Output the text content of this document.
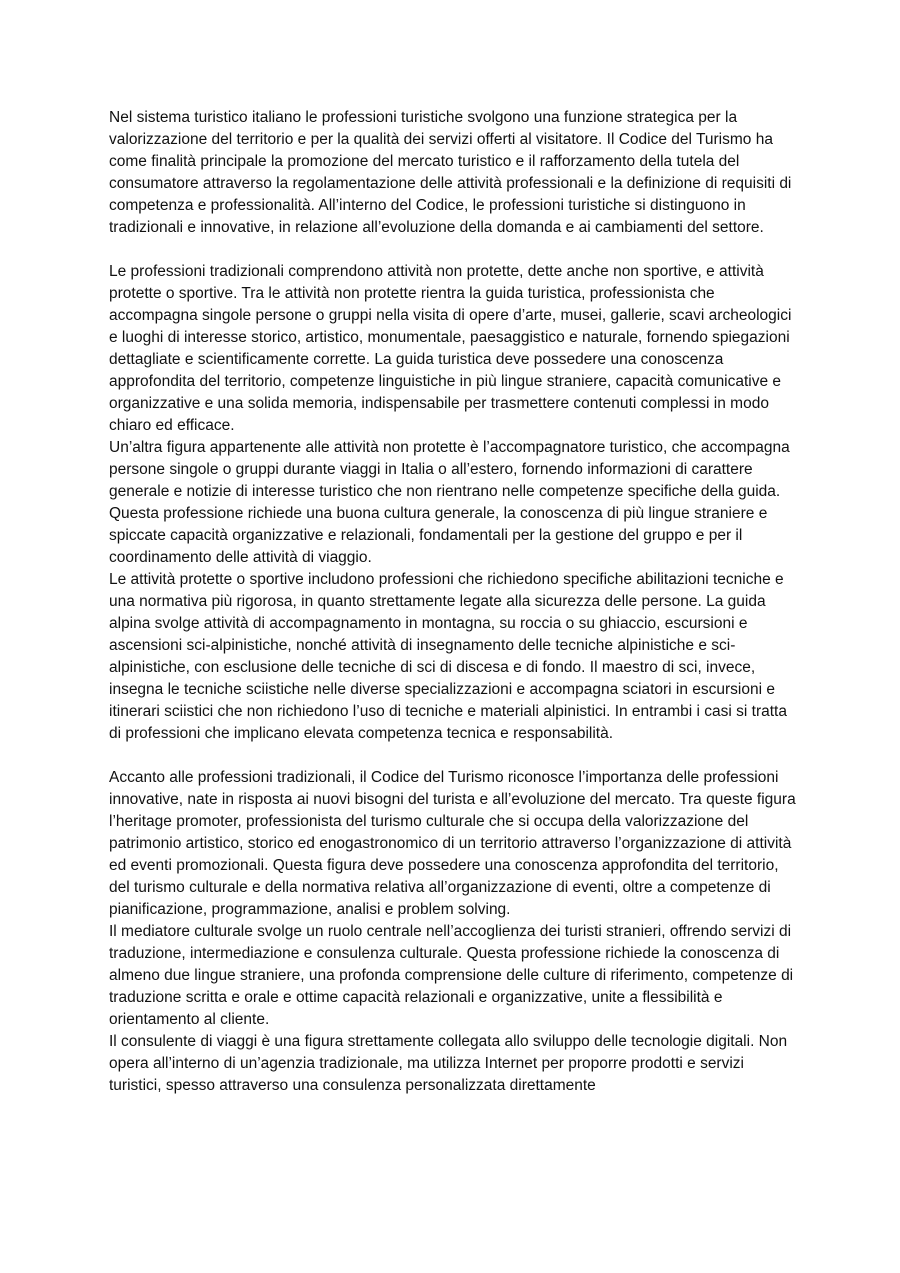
Nel sistema turistico italiano le professioni turistiche svolgono una funzione strategica per la valorizzazione del territorio e per la qualità dei servizi offerti al visitatore. Il Codice del Turismo ha come finalità principale la promozione del mercato turistico e il rafforzamento della tutela del consumatore attraverso la regolamentazione delle attività professionali e la definizione di requisiti di competenza e professionalità. All’interno del Codice, le professioni turistiche si distinguono in tradizionali e innovative, in relazione all’evoluzione della domanda e ai cambiamenti del settore.

Le professioni tradizionali comprendono attività non protette, dette anche non sportive, e attività protette o sportive. Tra le attività non protette rientra la guida turistica, professionista che accompagna singole persone o gruppi nella visita di opere d’arte, musei, gallerie, scavi archeologici e luoghi di interesse storico, artistico, monumentale, paesaggistico e naturale, fornendo spiegazioni dettagliate e scientificamente corrette. La guida turistica deve possedere una conoscenza approfondita del territorio, competenze linguistiche in più lingue straniere, capacità comunicative e organizzative e una solida memoria, indispensabile per trasmettere contenuti complessi in modo chiaro ed efficace.

Un’altra figura appartenente alle attività non protette è l’accompagnatore turistico, che accompagna persone singole o gruppi durante viaggi in Italia o all’estero, fornendo informazioni di carattere generale e notizie di interesse turistico che non rientrano nelle competenze specifiche della guida. Questa professione richiede una buona cultura generale, la conoscenza di più lingue straniere e spiccate capacità organizzative e relazionali, fondamentali per la gestione del gruppo e per il coordinamento delle attività di viaggio.

Le attività protette o sportive includono professioni che richiedono specifiche abilitazioni tecniche e una normativa più rigorosa, in quanto strettamente legate alla sicurezza delle persone. La guida alpina svolge attività di accompagnamento in montagna, su roccia o su ghiaccio, escursioni e ascensioni sci-alpinistiche, nonché attività di insegnamento delle tecniche alpinistiche e sci-alpinistiche, con esclusione delle tecniche di sci di discesa e di fondo. Il maestro di sci, invece, insegna le tecniche sciistiche nelle diverse specializzazioni e accompagna sciatori in escursioni e itinerari sciistici che non richiedono l’uso di tecniche e materiali alpinistici. In entrambi i casi si tratta di professioni che implicano elevata competenza tecnica e responsabilità.

Accanto alle professioni tradizionali, il Codice del Turismo riconosce l’importanza delle professioni innovative, nate in risposta ai nuovi bisogni del turista e all’evoluzione del mercato. Tra queste figura l’heritage promoter, professionista del turismo culturale che si occupa della valorizzazione del patrimonio artistico, storico ed enogastronomico di un territorio attraverso l’organizzazione di attività ed eventi promozionali. Questa figura deve possedere una conoscenza approfondita del territorio, del turismo culturale e della normativa relativa all’organizzazione di eventi, oltre a competenze di pianificazione, programmazione, analisi e problem solving.

Il mediatore culturale svolge un ruolo centrale nell’accoglienza dei turisti stranieri, offrendo servizi di traduzione, intermediazione e consulenza culturale. Questa professione richiede la conoscenza di almeno due lingue straniere, una profonda comprensione delle culture di riferimento, competenze di traduzione scritta e orale e ottime capacità relazionali e organizzative, unite a flessibilità e orientamento al cliente.

Il consulente di viaggi è una figura strettamente collegata allo sviluppo delle tecnologie digitali. Non opera all’interno di un’agenzia tradizionale, ma utilizza Internet per proporre prodotti e servizi turistici, spesso attraverso una consulenza personalizzata direttamente
